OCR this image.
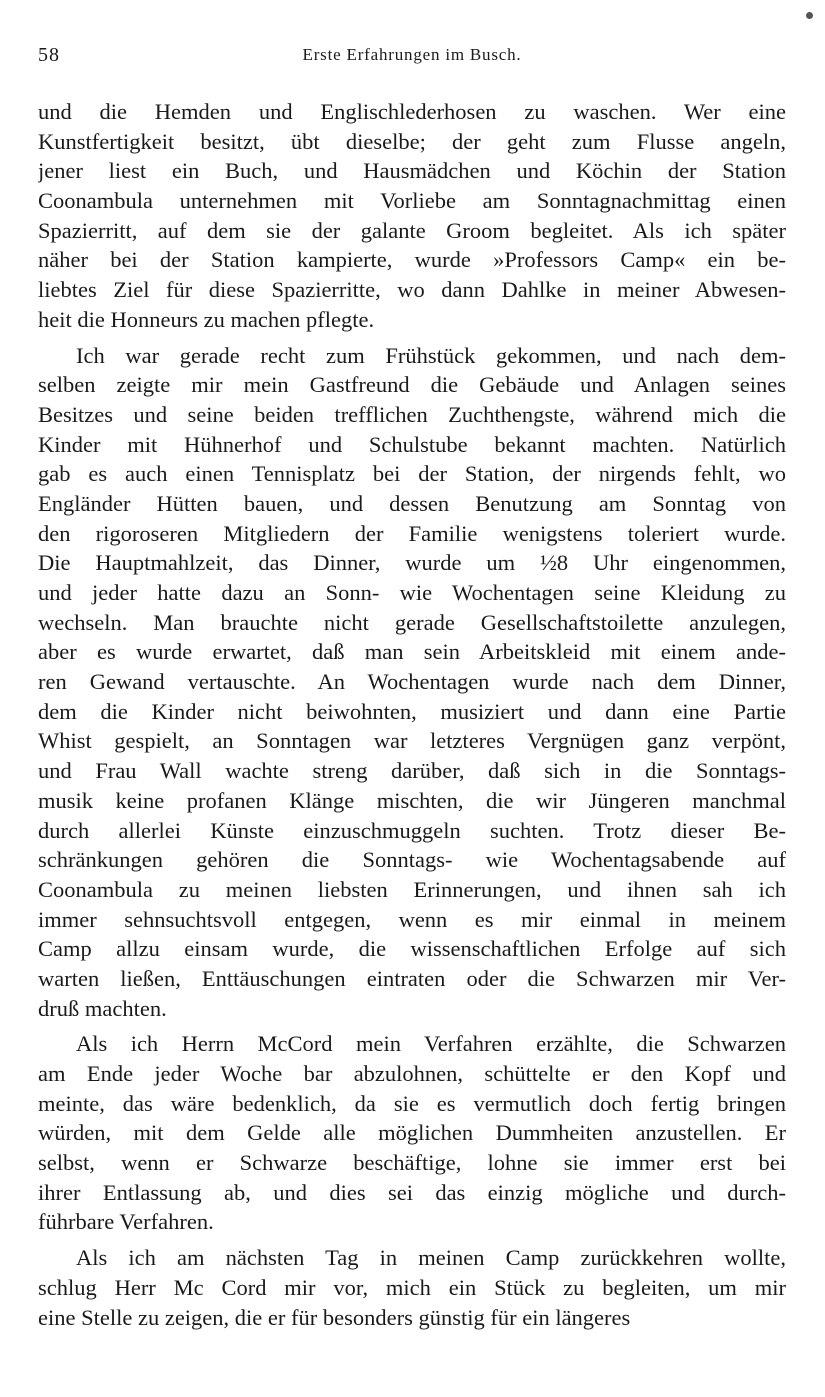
58	Erste Erfahrungen im Busch.
und die Hemden und Englischlederhosen zu waschen. Wer eine
Kunstfertigkeit besitzt, übt dieselbe; der geht zum Flusse angeln,
jener liest ein Buch, und Hausmädchen und Köchin der Station
Coonambula unternehmen mit Vorliebe am Sonntagnachmittag einen
Spazierritt, auf dem sie der galante Groom begleitet. Als ich später
näher bei der Station kampierte, wurde »Professors Camp« ein be-
liebtes Ziel für diese Spazierritte, wo dann Dahlke in meiner Abwesen-
heit die Honneurs zu machen pflegte.
Ich war gerade recht zum Frühstück gekommen, und nach dem-
selben zeigte mir mein Gastfreund die Gebäude und Anlagen seines
Besitzes und seine beiden trefflichen Zuchthengste, während mich die
Kinder mit Hühnerhof und Schulstube bekannt machten. Natürlich
gab es auch einen Tennisplatz bei der Station, der nirgends fehlt, wo
Engländer Hütten bauen, und dessen Benutzung am Sonntag von
den rigoroseren Mitgliedern der Familie wenigstens toleriert wurde.
Die Hauptmahlzeit, das Dinner, wurde um ½8 Uhr eingenommen,
und jeder hatte dazu an Sonn- wie Wochentagen seine Kleidung zu
wechseln. Man brauchte nicht gerade Gesellschaftstoilette anzulegen,
aber es wurde erwartet, daß man sein Arbeitskleid mit einem ande-
ren Gewand vertauschte. An Wochentagen wurde nach dem Dinner,
dem die Kinder nicht beiwohnten, musiziert und dann eine Partie
Whist gespielt, an Sonntagen war letzteres Vergnügen ganz verpönt,
und Frau Wall wachte streng darüber, daß sich in die Sonntags-
musik keine profanen Klänge mischten, die wir Jüngeren manchmal
durch allerlei Künste einzuschmuggeln suchten. Trotz dieser Be-
schränkungen gehören die Sonntags- wie Wochentagsabende auf
Coonambula zu meinen liebsten Erinnerungen, und ihnen sah ich
immer sehnsuchtsvoll entgegen, wenn es mir einmal in meinem
Camp allzu einsam wurde, die wissenschaftlichen Erfolge auf sich
warten ließen, Enttäuschungen eintraten oder die Schwarzen mir Ver-
druß machten.
Als ich Herrn McCord mein Verfahren erzählte, die Schwarzen
am Ende jeder Woche bar abzulohnen, schüttelte er den Kopf und
meinte, das wäre bedenklich, da sie es vermutlich doch fertig bringen
würden, mit dem Gelde alle möglichen Dummheiten anzustellen. Er
selbst, wenn er Schwarze beschäftige, lohne sie immer erst bei
ihrer Entlassung ab, und dies sei das einzig mögliche und durch-
führbare Verfahren.
Als ich am nächsten Tag in meinen Camp zurückkehren wollte,
schlug Herr Mc Cord mir vor, mich ein Stück zu begleiten, um mir
eine Stelle zu zeigen, die er für besonders günstig für ein längeres
